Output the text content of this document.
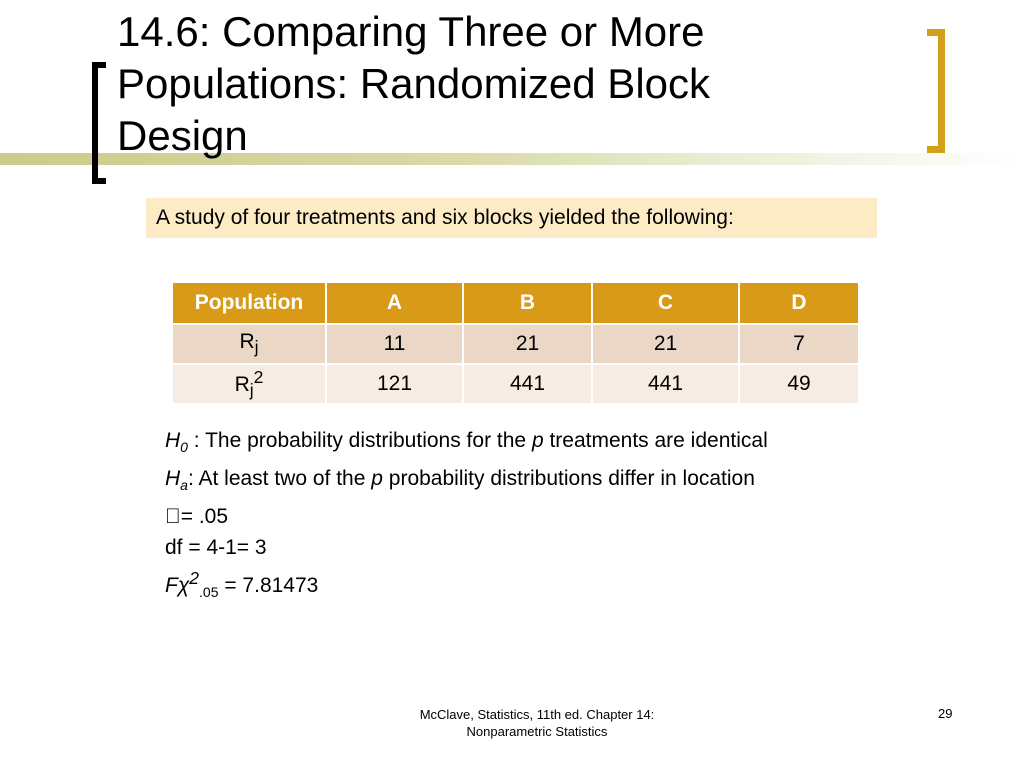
14.6: Comparing Three or More Populations: Randomized Block Design
A study of four treatments and six blocks yielded the following:
Population	A	B	C	D
$R_j$	11	21	21	7
$R_j^2$	121	441	441	49
$H_0$ : The probability distributions for the p treatments are identical
$H_a$: At least two of the p probability distributions differ in location
= .05
df = 4-1= 3
$F\chi^2_{.05} = 7.81473$
McClave, Statistics, 11th ed. Chapter 14:
Nonparametric Statistics
29
